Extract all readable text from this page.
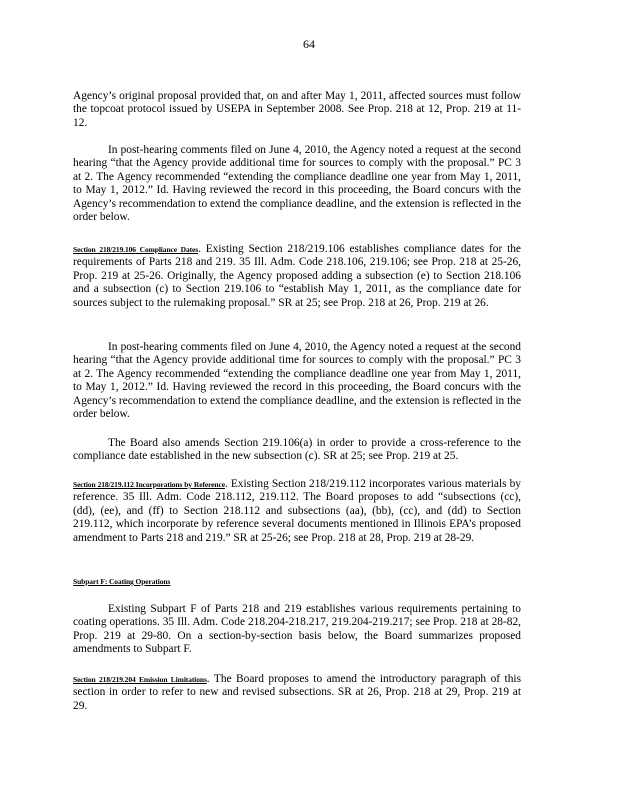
64

Agency’s original proposal provided that, on and after May 1, 2011, affected sources must follow the topcoat protocol issued by USEPA in September 2008. See Prop. 218 at 12, Prop. 219 at 11-12.

In post-hearing comments filed on June 4, 2010, the Agency noted a request at the second hearing “that the Agency provide additional time for sources to comply with the proposal.” PC 3 at 2. The Agency recommended “extending the compliance deadline one year from May 1, 2011, to May 1, 2012.” Id. Having reviewed the record in this proceeding, the Board concurs with the Agency’s recommendation to extend the compliance deadline, and the extension is reflected in the order below.

Section 218/219.106 Compliance Dates. Existing Section 218/219.106 establishes compliance dates for the requirements of Parts 218 and 219. 35 Ill. Adm. Code 218.106, 219.106; see Prop. 218 at 25-26, Prop. 219 at 25-26. Originally, the Agency proposed adding a subsection (e) to Section 218.106 and a subsection (c) to Section 219.106 to “establish May 1, 2011, as the compliance date for sources subject to the rulemaking proposal.” SR at 25; see Prop. 218 at 26, Prop. 219 at 26.

In post-hearing comments filed on June 4, 2010, the Agency noted a request at the second hearing “that the Agency provide additional time for sources to comply with the proposal.” PC 3 at 2. The Agency recommended “extending the compliance deadline one year from May 1, 2011, to May 1, 2012.” Id. Having reviewed the record in this proceeding, the Board concurs with the Agency’s recommendation to extend the compliance deadline, and the extension is reflected in the order below.

The Board also amends Section 219.106(a) in order to provide a cross-reference to the compliance date established in the new subsection (c). SR at 25; see Prop. 219 at 25.

Section 218/219.112 Incorporations by Reference. Existing Section 218/219.112 incorporates various materials by reference. 35 Ill. Adm. Code 218.112, 219.112. The Board proposes to add “subsections (cc), (dd), (ee), and (ff) to Section 218.112 and subsections (aa), (bb), (cc), and (dd) to Section 219.112, which incorporate by reference several documents mentioned in Illinois EPA’s proposed amendment to Parts 218 and 219.” SR at 25-26; see Prop. 218 at 28, Prop. 219 at 28-29.

Subpart F: Coating Operations

Existing Subpart F of Parts 218 and 219 establishes various requirements pertaining to coating operations. 35 Ill. Adm. Code 218.204-218.217, 219.204-219.217; see Prop. 218 at 28-82, Prop. 219 at 29-80. On a section-by-section basis below, the Board summarizes proposed amendments to Subpart F.

Section 218/219.204 Emission Limitations. The Board proposes to amend the introductory paragraph of this section in order to refer to new and revised subsections. SR at 26, Prop. 218 at 29, Prop. 219 at 29.
